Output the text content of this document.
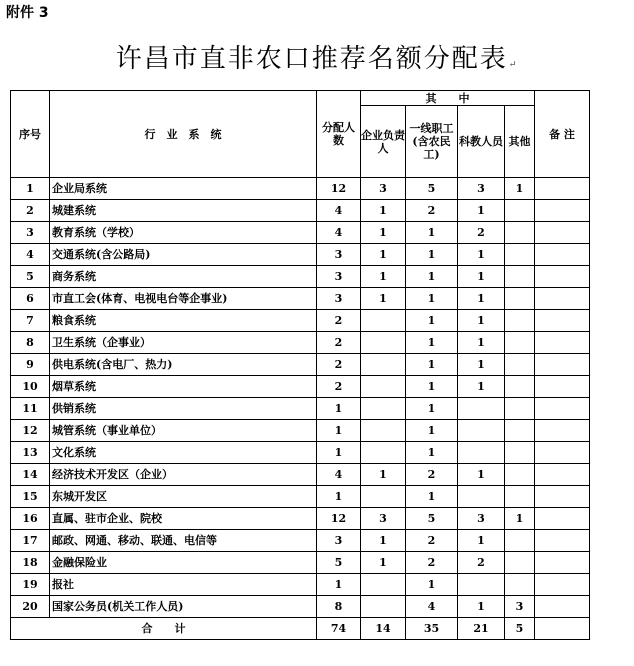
附件 3
许昌市直非农口推荐名额分配表↵
序号	行　业　系　统	分配人数	其　　中				备 注
			企业负责人	一线职工(含农民工)	科教人员	其他	
1	企业局系统	12	3	5	3	1	
2	城建系统	4	1	2	1		
3	教育系统（学校）	4	1	1	2		
4	交通系统(含公路局)	3	1	1	1		
5	商务系统	3	1	1	1		
6	市直工会(体育、电视电台等企事业)	3	1	1	1		
7	粮食系统	2		1	1		
8	卫生系统（企事业）	2		1	1		
9	供电系统(含电厂、热力)	2		1	1		
10	烟草系统	2		1	1		
11	供销系统	1		1			
12	城管系统（事业单位）	1		1			
13	文化系统	1		1			
14	经济技术开发区（企业）	4	1	2	1		
15	东城开发区	1		1			
16	直属、驻市企业、院校	12	3	5	3	1	
17	邮政、网通、移动、联通、电信等	3	1	2	1		
18	金融保险业	5	1	2	2		
19	报社	1		1			
20	国家公务员(机关工作人员)	8		4	1	3	
合　　计		74	14	35	21	5	
